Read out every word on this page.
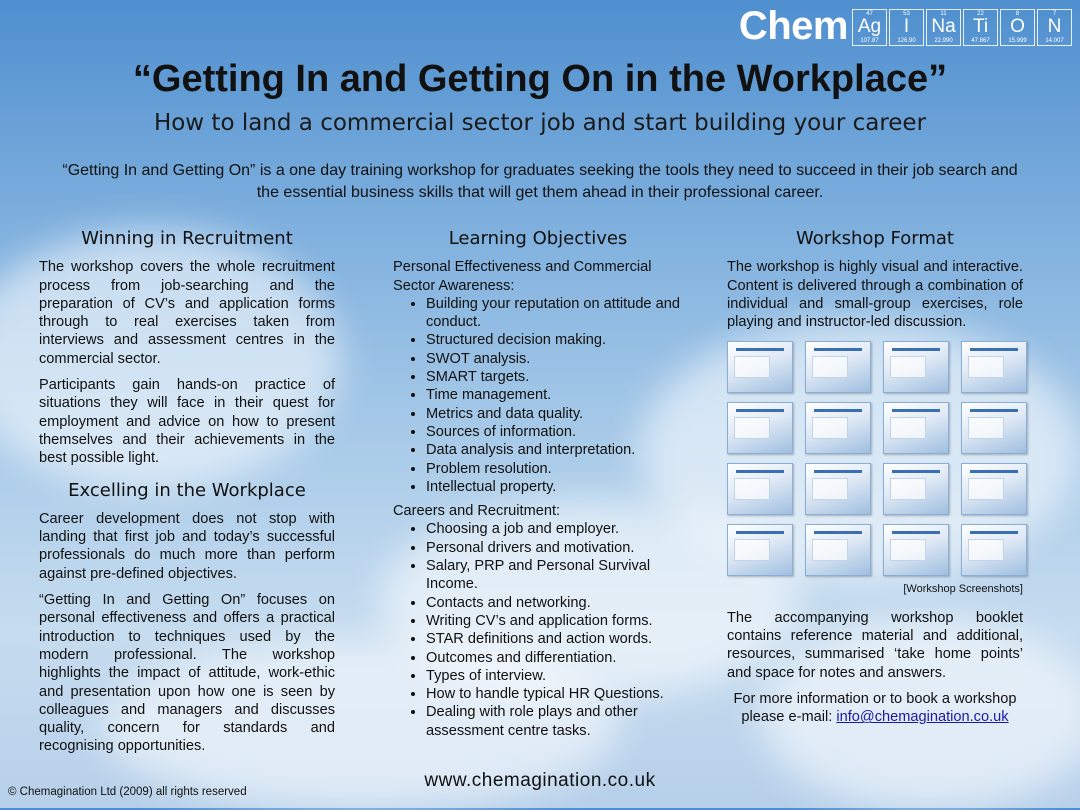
Chem	47
Ag
107.87
53
I
126.90
11
Na
22.990
22
Ti
47.867
8
O
15.999
7
N
14.007
“Getting In and Getting On in the Workplace”
How to land a commercial sector job and start building your career
“Getting In and Getting On” is a one day training workshop for graduates seeking the tools they need to succeed in their job search and the essential business skills that will get them ahead in their professional career.
Winning in Recruitment

The workshop covers the whole recruitment process from job-searching and the preparation of CV’s and application forms through to real exercises taken from interviews and assessment centres in the commercial sector.

Participants gain hands-on practice of situations they will face in their quest for employment and advice on how to present themselves and their achievements in the best possible light.

Excelling in the Workplace

Career development does not stop with landing that first job and today’s successful professionals do much more than perform against pre-defined objectives.

“Getting In and Getting On” focuses on personal effectiveness and offers a practical introduction to techniques used by the modern professional. The workshop highlights the impact of attitude, work-ethic and presentation upon how one is seen by colleagues and managers and discusses quality, concern for standards and recognising opportunities.

Learning Objectives
Personal Effectiveness and Commercial Sector Awareness:
• Building your reputation on attitude and conduct.
• Structured decision making.
• SWOT analysis.
• SMART targets.
• Time management.
• Metrics and data quality.
• Sources of information.
• Data analysis and interpretation.
• Problem resolution.
• Intellectual property.
Careers and Recruitment:
• Choosing a job and employer.
• Personal drivers and motivation.
• Salary, PRP and Personal Survival Income.
• Contacts and networking.
• Writing CV’s and application forms.
• STAR definitions and action words.
• Outcomes and differentiation.
• Types of interview.
• How to handle typical HR Questions.
• Dealing with role plays and other assessment centre tasks.
Workshop Format

The workshop is highly visual and interactive. Content is delivered through a combination of individual and small-group exercises, role playing and instructor-led discussion.

[Workshop Screenshots]

The accompanying workshop booklet contains reference material and additional, resources, summarised ‘take home points’ and space for notes and answers.

For more information or to book a workshop
please e-mail: info@chemagination.co.uk
www.chemagination.co.uk
© Chemagination Ltd (2009) all rights reserved
